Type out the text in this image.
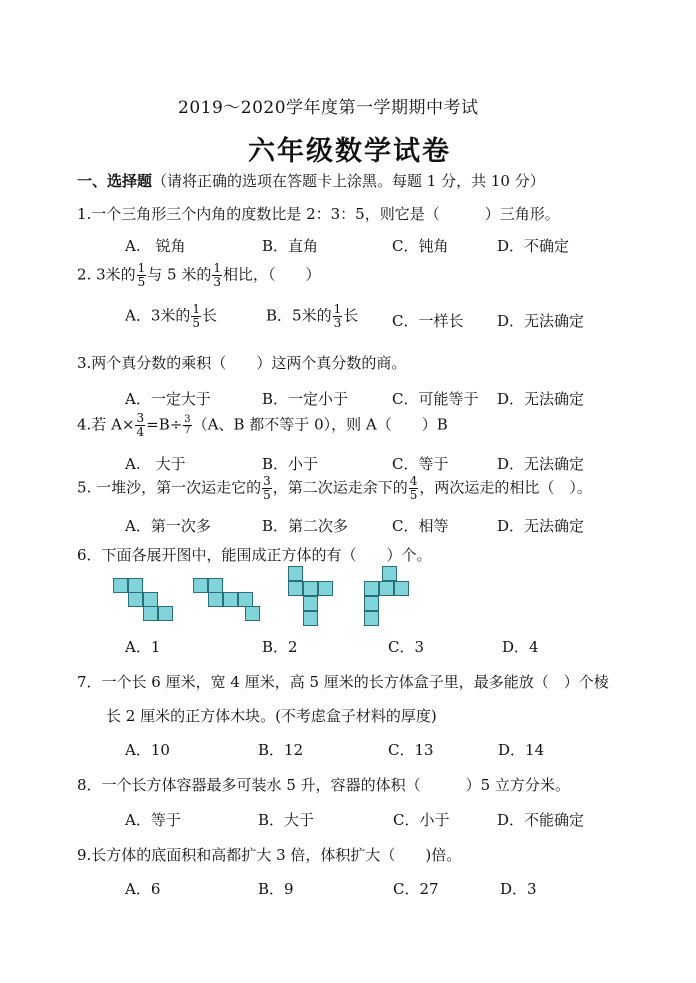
2019～2020学年度第一学期期中考试
六年级数学试卷
一、选择题（请将正确的选项在答题卡上涂黑。每题 1 分，共 10 分）
1.一个三角形三个内角的度数比是 2：3：5，则它是（　　　）三角形。
A.　锐角	B．直角	C．钝角	D．不确定
2. 3米的 $\frac{1}{5}$ 与 5 米的 $\frac{1}{3}$ 相比，（　　）
A．3米的 $\frac{1}{5}$ 长	B．5米的 $\frac{1}{3}$ 长 C．一样长 D．无法确定
3.两个真分数的乘积（　　）这两个真分数的商。
A．一定大于	B．一定小于	C．可能等于 D．无法确定
4.若 $A\times \frac{3}{4} =B\div \frac{3}{7} (A$、B 都不等于 0），则 A（　　）B
A.　大于	B．小于	C．等于	D．无法确定
5. 一堆沙，第一次运走它的 $\frac{3}{5}$ ，第二次运走余下的 $\frac{4}{5}$ ，两次运走的相比（　）。
A．第一次多	B．第二次多	C．相等	D．无法确定
6．下面各展开图中，能围成正方体的有（　　）个。
A．1	B．2	C．3	D．4
7．一个长 6 厘米，宽 4 厘米，高 5 厘米的长方体盒子里，最多能放（　）个棱
长 2 厘米的正方体木块。(不考虑盒子材料的厚度)
A．10	B．12	C．13	D．14
8．一个长方体容器最多可装水 5 升，容器的体积（　　　）5 立方分米。
A．等于	B．大于	C．小于	D．不能确定
9.长方体的底面积和高都扩大 3 倍，体积扩大（　　)倍。
A．6	B．9	C．27	D．3
